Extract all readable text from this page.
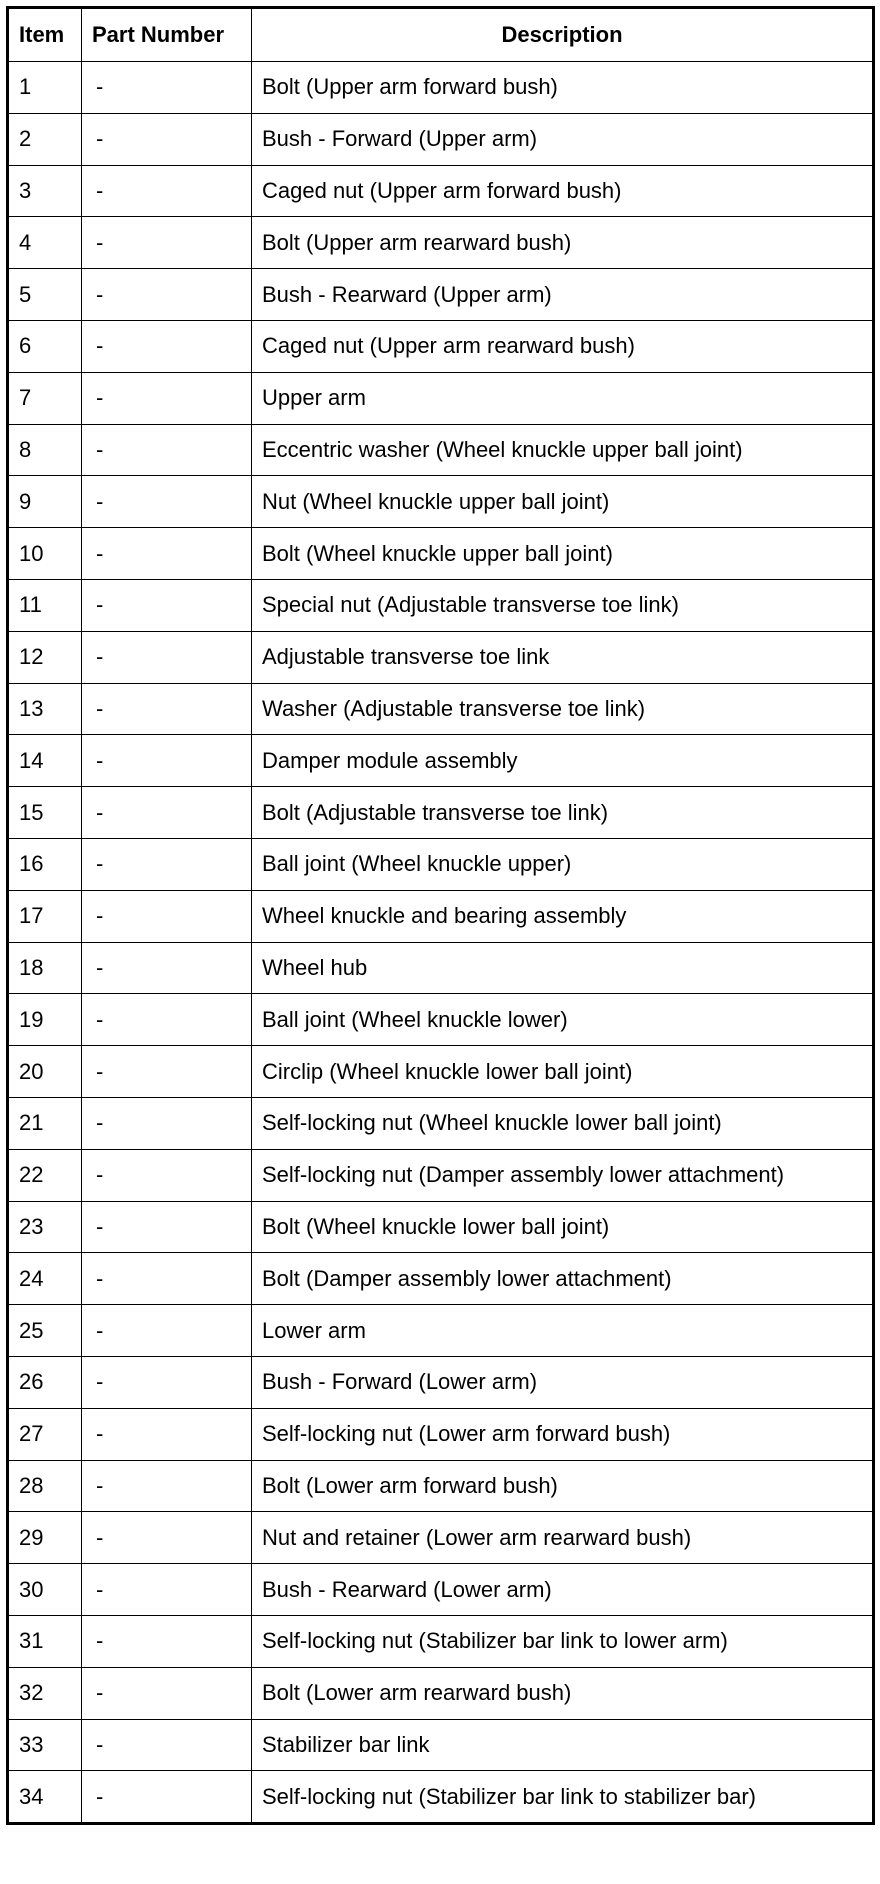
Item	Part Number	Description
1	-	Bolt (Upper arm forward bush)
2	-	Bush - Forward (Upper arm)
3	-	Caged nut (Upper arm forward bush)
4	-	Bolt (Upper arm rearward bush)
5	-	Bush - Rearward (Upper arm)
6	-	Caged nut (Upper arm rearward bush)
7	-	Upper arm
8	-	Eccentric washer (Wheel knuckle upper ball joint)
9	-	Nut (Wheel knuckle upper ball joint)
10	-	Bolt (Wheel knuckle upper ball joint)
11	-	Special nut (Adjustable transverse toe link)
12	-	Adjustable transverse toe link
13	-	Washer (Adjustable transverse toe link)
14	-	Damper module assembly
15	-	Bolt (Adjustable transverse toe link)
16	-	Ball joint (Wheel knuckle upper)
17	-	Wheel knuckle and bearing assembly
18	-	Wheel hub
19	-	Ball joint (Wheel knuckle lower)
20	-	Circlip (Wheel knuckle lower ball joint)
21	-	Self-locking nut (Wheel knuckle lower ball joint)
22	-	Self-locking nut (Damper assembly lower attachment)
23	-	Bolt (Wheel knuckle lower ball joint)
24	-	Bolt (Damper assembly lower attachment)
25	-	Lower arm
26	-	Bush - Forward (Lower arm)
27	-	Self-locking nut (Lower arm forward bush)
28	-	Bolt (Lower arm forward bush)
29	-	Nut and retainer (Lower arm rearward bush)
30	-	Bush - Rearward (Lower arm)
31	-	Self-locking nut (Stabilizer bar link to lower arm)
32	-	Bolt (Lower arm rearward bush)
33	-	Stabilizer bar link
34	-	Self-locking nut (Stabilizer bar link to stabilizer bar)
